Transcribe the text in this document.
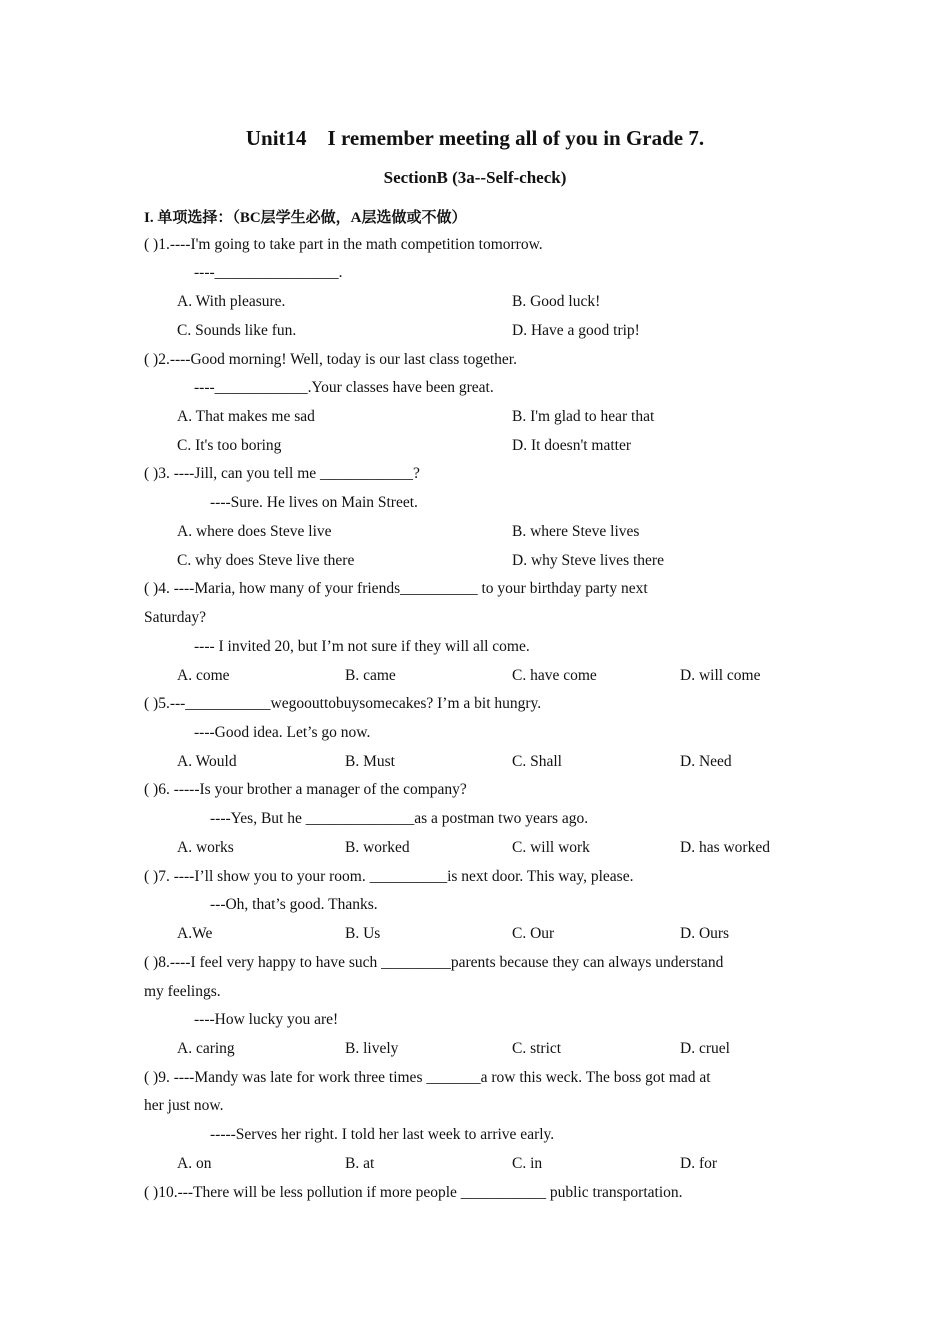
Unit14    I remember meeting all of you in Grade 7.
SectionB (3a--Self-check)
I. 单项选择：（BC层学生必做，A层选做或不做）
( )1.----I'm going to take part in the math competition tomorrow.
----________________.
A. With pleasure.	B. Good luck!
C. Sounds like fun.	D. Have a good trip!
( )2.----Good morning! Well, today is our last class together.
----____________.Your classes have been great.
A. That makes me sad	B. I'm glad to hear that
C. It's too boring	D. It doesn't matter
( )3. ----Jill, can you tell me ____________?
----Sure. He lives on Main Street.
A. where does Steve live	B. where Steve lives
C. why does Steve live there	D. why Steve lives there
( )4. ----Maria, how many of your friends__________ to your birthday party next
Saturday?
---- I invited 20, but I’m not sure if they will all come.
A. come	B. came	C. have come	D. will come
( )5.---___________wegoouttobuysomecakes? I’m a bit hungry.
----Good idea. Let’s go now.
A. Would	B. Must	C. Shall	D. Need
( )6. -----Is your brother a manager of the company?
----Yes, But he ______________as a postman two years ago.
A. works	B. worked	C. will work	D. has worked
( )7. ----I’ll show you to your room. __________is next door. This way, please.
---Oh, that’s good. Thanks.
A.We	B. Us	C. Our	D. Ours
( )8.----I feel very happy to have such _________parents because they can always understand
my feelings.
----How lucky you are!
A. caring	B. lively	C. strict	D. cruel
( )9. ----Mandy was late for work three times _______a row this weck. The boss got mad at
her just now.
-----Serves her right. I told her last week to arrive early.
A. on	B. at	C. in	D. for
( )10.---There will be less pollution if more people ___________ public transportation.
